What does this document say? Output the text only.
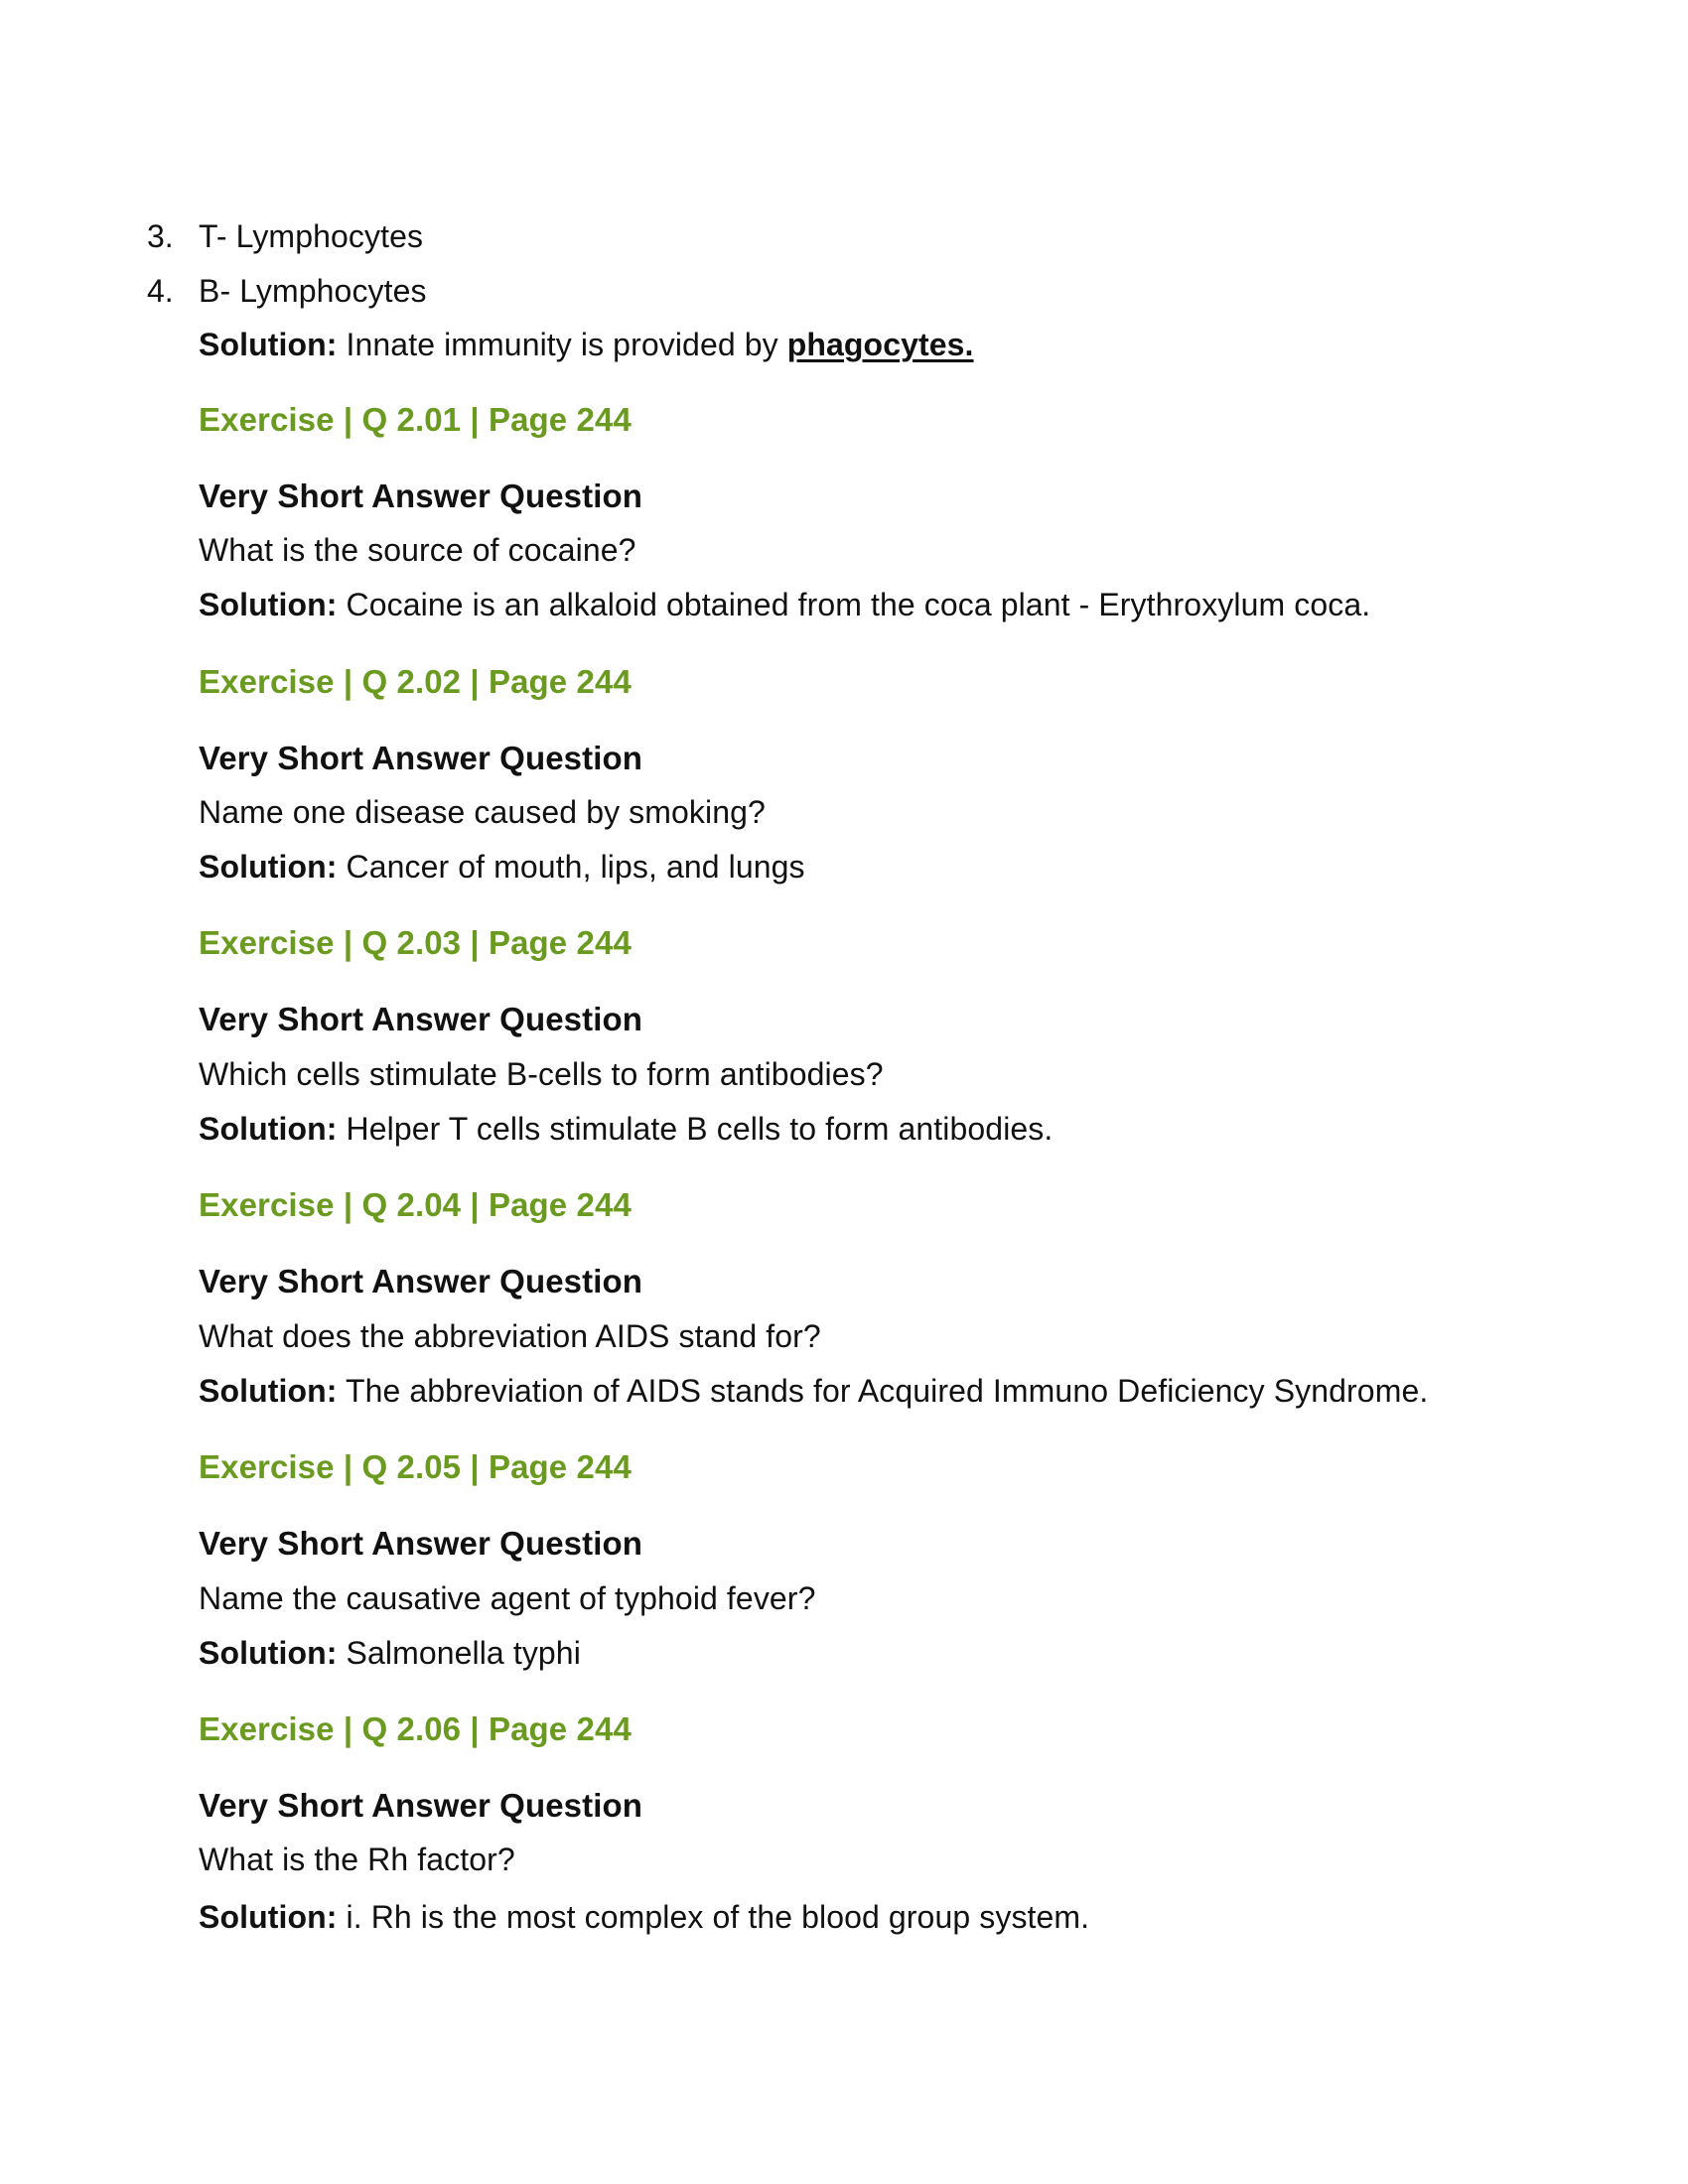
3. T- Lymphocytes
4. B- Lymphocytes
Solution: Innate immunity is provided by phagocytes.
Exercise | Q 2.01 | Page 244
Very Short Answer Question
What is the source of cocaine?
Solution: Cocaine is an alkaloid obtained from the coca plant - Erythroxylum coca.
Exercise | Q 2.02 | Page 244
Very Short Answer Question
Name one disease caused by smoking?
Solution: Cancer of mouth, lips, and lungs
Exercise | Q 2.03 | Page 244
Very Short Answer Question
Which cells stimulate B-cells to form antibodies?
Solution: Helper T cells stimulate B cells to form antibodies.
Exercise | Q 2.04 | Page 244
Very Short Answer Question
What does the abbreviation AIDS stand for?
Solution: The abbreviation of AIDS stands for Acquired Immuno Deficiency Syndrome.
Exercise | Q 2.05 | Page 244
Very Short Answer Question
Name the causative agent of typhoid fever?
Solution: Salmonella typhi
Exercise | Q 2.06 | Page 244
Very Short Answer Question
What is the Rh factor?
Solution: i. Rh is the most complex of the blood group system.
